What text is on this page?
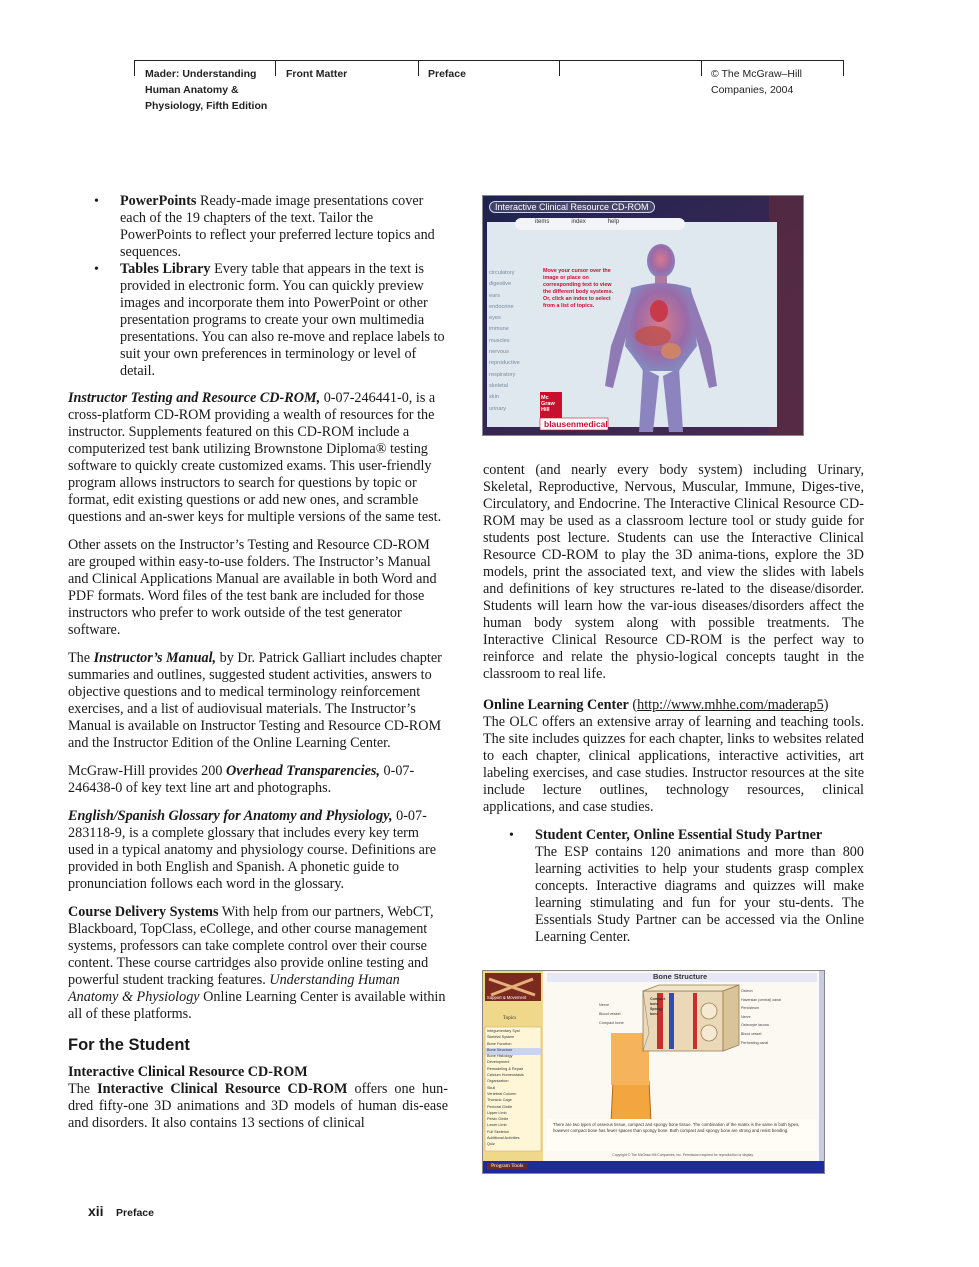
Mader: Understanding
Human Anatomy &
Physiology, Fifth Edition
Front Matter	Preface	© The McGraw–Hill
Companies, 2004
• PowerPoints Ready-made image presentations cover each of the 19 chapters of the text. Tailor the PowerPoints to reflect your preferred lecture topics and sequences.
• Tables Library Every table that appears in the text is provided in electronic form. You can quickly preview images and incorporate them into PowerPoint or other presentation programs to create your own multimedia presentations. You can also re-move and replace labels to suit your own preferences in terminology or level of detail.

Instructor Testing and Resource CD-ROM, 0-07-246441-0, is a cross-platform CD-ROM providing a wealth of resources for the instructor. Supplements featured on this CD-ROM include a computerized test bank utilizing Brownstone Diploma® testing software to quickly create customized exams. This user-friendly program allows instructors to search for questions by topic or format, edit existing questions or add new ones, and scramble questions and an-swer keys for multiple versions of the same test.

Other assets on the Instructor’s Testing and Resource CD-ROM are grouped within easy-to-use folders. The Instructor’s Manual and Clinical Applications Manual are available in both Word and PDF formats. Word files of the test bank are included for those instructors who prefer to work outside of the test generator software.

The Instructor’s Manual, by Dr. Patrick Galliart includes chapter summaries and outlines, suggested student activities, answers to objective questions and to medical terminology reinforcement exercises, and a list of audiovisual materials. The Instructor’s Manual is available on Instructor Testing and Resource CD-ROM and the Instructor Edition of the Online Learning Center.

McGraw-Hill provides 200 Overhead Transparencies, 0-07-246438-0 of key text line art and photographs.

English/Spanish Glossary for Anatomy and Physiology, 0-07-283118-9, is a complete glossary that includes every key term used in a typical anatomy and physiology course. Definitions are provided in both English and Spanish. A phonetic guide to pronunciation follows each word in the glossary.

Course Delivery Systems With help from our partners, WebCT, Blackboard, TopClass, eCollege, and other course management systems, professors can take complete control over their course content. These course cartridges also provide online testing and powerful student tracking features. Understanding Human Anatomy & Physiology Online Learning Center is available within all of these platforms.

For the Student

Interactive Clinical Resource CD-ROM
The Interactive Clinical Resource CD-ROM offers one hun-dred fifty-one 3D animations and 3D models of human dis-ease and disorders. It also contains 13 sections of clinical

Interactive Clinical Resource CD-ROM
items	index	help
circulatory
digestive
ears
endocrine
eyes
immune
muscles
nervous
reproductive
respiratory
skeletal
skin
urinary
Move your cursor over the image or place on corresponding text to view the different body systems. Or, click an index to select from a list of topics.
Mc Graw Hill
blausenmedical

content (and nearly every body system) including Urinary, Skeletal, Reproductive, Nervous, Muscular, Immune, Diges-tive, Circulatory, and Endocrine. The Interactive Clinical Resource CD-ROM may be used as a classroom lecture tool or study guide for students post lecture. Students can use the Interactive Clinical Resource CD-ROM to play the 3D anima-tions, explore the 3D models, print the associated text, and view the slides with labels and definitions of key structures re-lated to the disease/disorder. Students will learn how the var-ious diseases/disorders affect the human body system along with possible treatments. The Interactive Clinical Resource CD-ROM is the perfect way to reinforce and relate the physio-logical concepts taught in the classroom to real life.

Online Learning Center (http://www.mhhe.com/maderap5)
The OLC offers an extensive array of learning and teaching tools. The site includes quizzes for each chapter, links to websites related to each chapter, clinical applications, interactive activities, art labeling exercises, and case studies. Instructor resources at the site include lecture outlines, technology resources, clinical applications, and case studies.

• Student Center, Online Essential Study Partner
The ESP contains 120 animations and more than 800 learning activities to help your students grasp complex concepts. Interactive diagrams and quizzes will make learning stimulating and fun for your stu-dents. The Essentials Study Partner can be accessed via the Online Learning Center.
Bone Structure
Support & Movement
Topics
Integumentary Syst
Skeletal System
Bone Function
Bone Structure
Bone Histology
Development
Remodeling & Repair
Calcium Homeostasis
Organization
Skull
Vertebral Column
Thoracic Cage
Pectoral Girdle
Upper Limb
Pelvic Girdle
Lower Limb
Full Skeleton
Additional Activities
Quiz
Nerve
Blood vessel
Compact bone
Compact bone
Spongy bone
Osteon
Haversian (central) canal
Periosteum
Nerve
Osteocyte lacuna
Blood vessel
Perforating canal
There are two types of osseous tissue, compact and spongy bone tissue. The combination of the matrix is the same in both types, however compact bone has fewer spaces than spongy bone. Both compact and spongy bone are strong and resist bending.
Copyright © The McGraw-Hill Companies, Inc. Permission required for reproduction or display.
Program Tools
xii Preface
